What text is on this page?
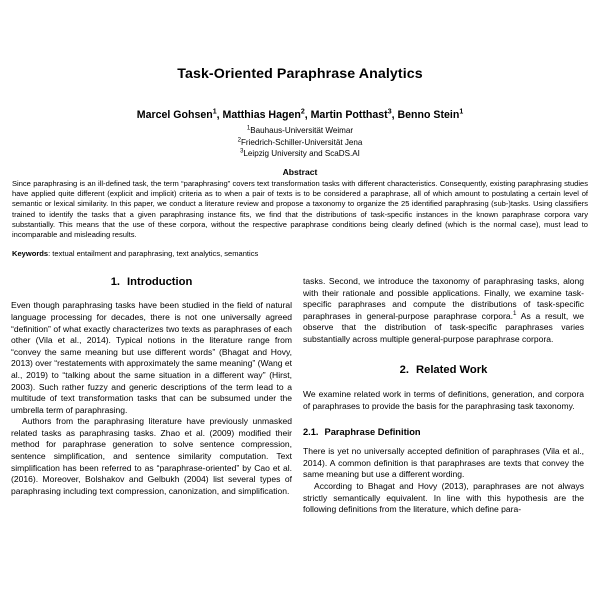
Task-Oriented Paraphrase Analytics
Marcel Gohsen$^1$, Matthias Hagen$^2$, Martin Potthast$^3$, Benno Stein$^1$
$^1$Bauhaus-Universität Weimar
$^2$Friedrich-Schiller-Universität Jena
$^3$Leipzig University and ScaDS.AI
Abstract
Since paraphrasing is an ill-defined task, the term “paraphrasing” covers text transformation tasks with different characteristics. Consequently, existing paraphrasing studies have applied quite different (explicit and implicit) criteria as to when a pair of texts is to be considered a paraphrase, all of which amount to postulating a certain level of semantic or lexical similarity. In this paper, we conduct a literature review and propose a taxonomy to organize the 25 identified paraphrasing (sub-)tasks. Using classifiers trained to identify the tasks that a given paraphrasing instance fits, we find that the distributions of task-specific instances in the known paraphrase corpora vary substantially. This means that the use of these corpora, without the respective paraphrase conditions being clearly defined (which is the normal case), must lead to incomparable and misleading results.
Keywords: textual entailment and paraphrasing, text analytics, semantics
1. Introduction

Even though paraphrasing tasks have been studied in the field of natural language processing for decades, there is not one universally agreed “definition” of what exactly characterizes two texts as paraphrases of each other (Vila et al., 2014). Typical notions in the literature range from “convey the same meaning but use different words” (Bhagat and Hovy, 2013) over “restatements with approximately the same meaning” (Wang et al., 2019) to “talking about the same situation in a different way” (Hirst, 2003). Such rather fuzzy and generic descriptions of the term lead to a multitude of text transformation tasks that can be subsumed under the umbrella term of paraphrasing.

Authors from the paraphrasing literature have previously unmasked related tasks as paraphrasing tasks. Zhao et al. (2009) modified their method for paraphrase generation to solve sentence compression, sentence simplification, and sentence similarity computation. Text simplification has been referred to as “paraphrase-oriented” by Cao et al. (2016). Moreover, Bolshakov and Gelbukh (2004) list several types of paraphrasing including text compression, canonization, and simplification.

tasks. Second, we introduce the taxonomy of paraphrasing tasks, along with their rationale and possible applications. Finally, we examine task-specific paraphrases and compute the distributions of task-specific paraphrases in general-purpose paraphrase corpora.$^1$ As a result, we observe that the distribution of task-specific paraphrases varies substantially across multiple general-purpose paraphrase corpora.

2. Related Work

We examine related work in terms of definitions, generation, and corpora of paraphrases to provide the basis for the paraphrasing task taxonomy.

2.1. Paraphrase Definition

There is yet no universally accepted definition of paraphrases (Vila et al., 2014). A common definition is that paraphrases are texts that convey the same meaning but use a different wording.

According to Bhagat and Hovy (2013), paraphrases are not always strictly semantically equivalent. In line with this hypothesis are the following definitions from the literature, which define para-
